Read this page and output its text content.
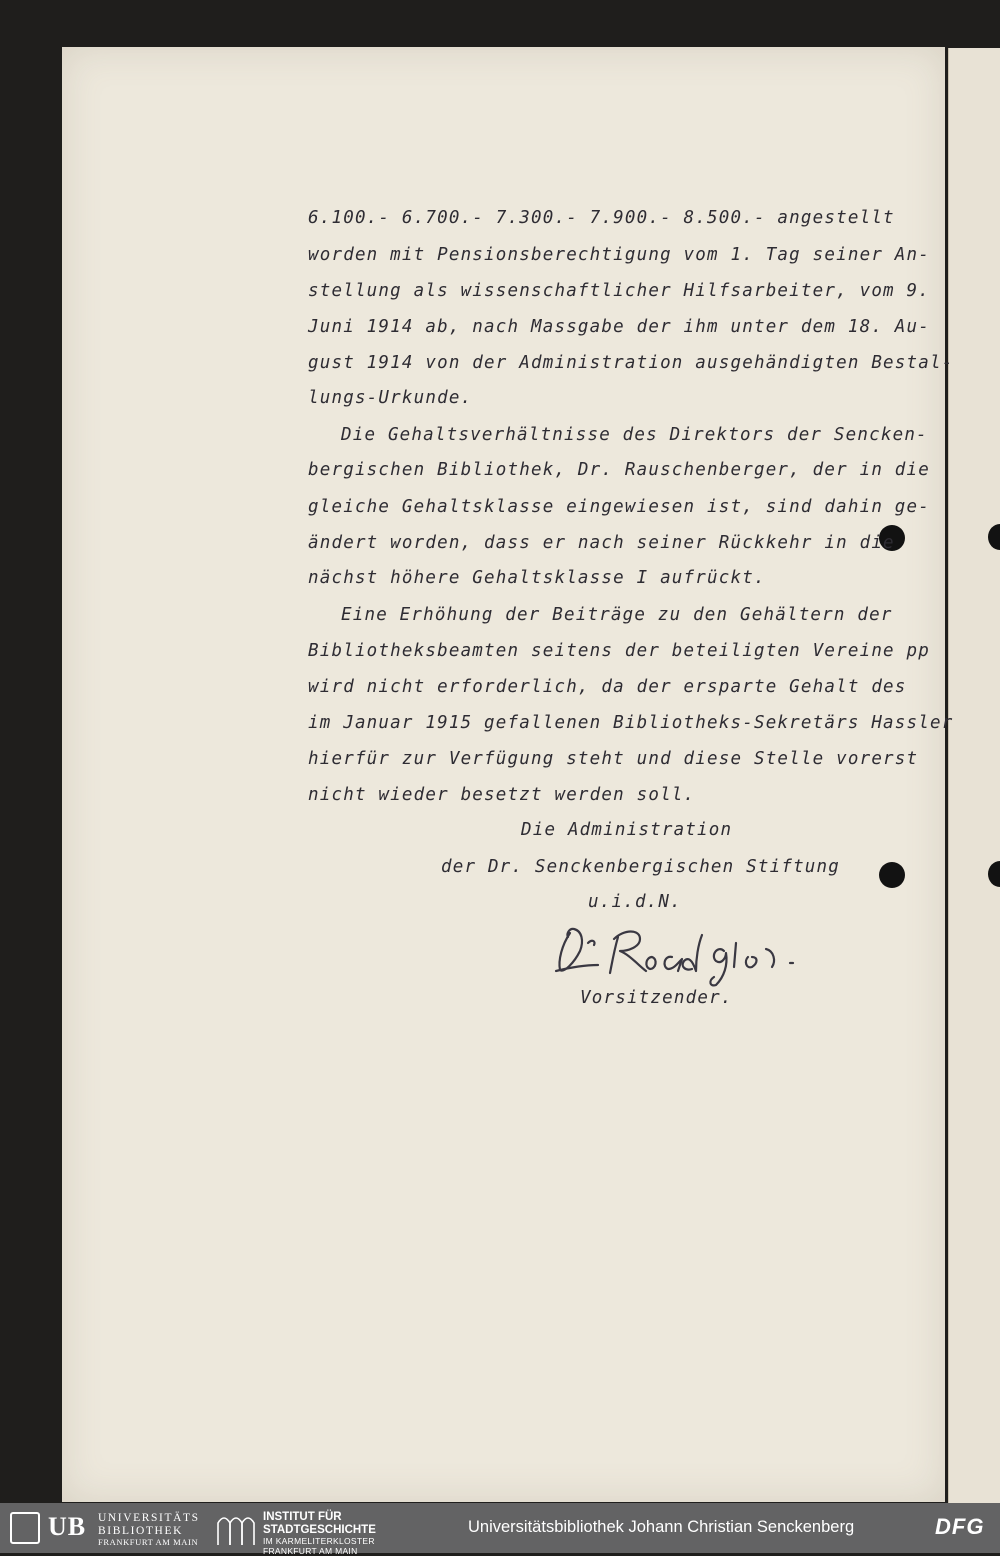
6.100.- 6.700.- 7.300.- 7.900.- 8.500.- angestellt
worden mit Pensionsberechtigung vom 1. Tag seiner An-
stellung als wissenschaftlicher Hilfsarbeiter, vom 9.
Juni 1914 ab, nach Massgabe der ihm unter dem 18. Au-
gust 1914 von der Administration ausgehändigten Bestal-
lungs-Urkunde.
Die Gehaltsverhältnisse des Direktors der Sencken-
bergischen Bibliothek, Dr. Rauschenberger, der in die
gleiche Gehaltsklasse eingewiesen ist, sind dahin ge-
ändert worden, dass er nach seiner Rückkehr in die
nächst höhere Gehaltsklasse I aufrückt.
Eine Erhöhung der Beiträge zu den Gehältern der
Bibliotheksbeamten seitens der beteiligten Vereine pp
wird nicht erforderlich, da der ersparte Gehalt des
im Januar 1915 gefallenen Bibliotheks-Sekretärs Hassler
hierfür zur Verfügung steht und diese Stelle vorerst
nicht wieder besetzt werden soll.
Die Administration
der Dr. Senckenbergischen Stiftung
u.i.d.N.
Vorsitzender.
UB UNIVERSITÄTS
BIBLIOTHEK
FRANKFURT AM MAIN
INSTITUT FÜR
STADTGESCHICHTE
IM KARMELITERKLOSTER
FRANKFURT AM MAIN
Universitätsbibliothek Johann Christian Senckenberg	DFG
